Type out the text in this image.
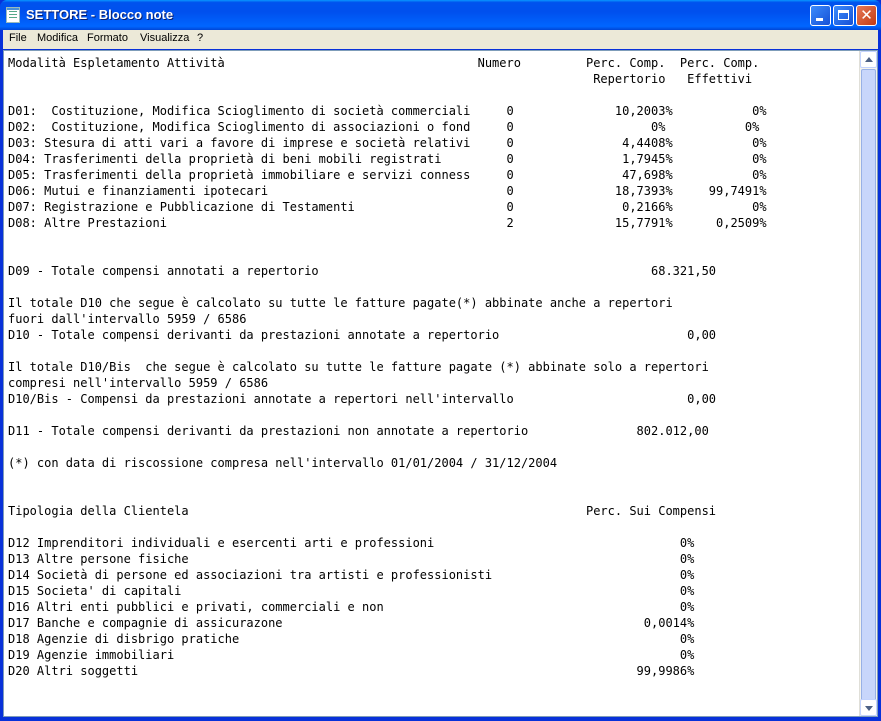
SETTORE - Blocco note	✕
File Modifica Formato Visualizza ?
Modalità Espletamento Attività                                   Numero         Perc. Comp.  Perc. Comp.
Repertorio   Effettivi

D01:  Costituzione, Modifica Scioglimento di società commerciali     0              10,2003%           0%
D02:  Costituzione, Modifica Scioglimento di associazioni o fond     0                   0%           0%
D03: Stesura di atti vari a favore di imprese e società relativi     0               4,4408%           0%
D04: Trasferimenti della proprietà di beni mobili registrati         0               1,7945%           0%
D05: Trasferimenti della proprietà immobiliare e servizi conness     0               47,698%           0%
D06: Mutui e finanziamenti ipotecari                                 0              18,7393%     99,7491%
D07: Registrazione e Pubblicazione di Testamenti                     0               0,2166%           0%
D08: Altre Prestazioni                                               2              15,7791%      0,2509%

D09 - Totale compensi annotati a repertorio                                              68.321,50

Il totale D10 che segue è calcolato su tutte le fatture pagate(*) abbinate anche a repertori
fuori dall'intervallo 5959 / 6586
D10 - Totale compensi derivanti da prestazioni annotate a repertorio                          0,00

Il totale D10/Bis  che segue è calcolato su tutte le fatture pagate (*) abbinate solo a repertori
compresi nell'intervallo 5959 / 6586
D10/Bis - Compensi da prestazioni annotate a repertori nell'intervallo                        0,00

D11 - Totale compensi derivanti da prestazioni non annotate a repertorio               802.012,00

(*) con data di riscossione compresa nell'intervallo 01/01/2004 / 31/12/2004

Tipologia della Clientela                                                       Perc. Sui Compensi

D12 Imprenditori individuali e esercenti arti e professioni                                  0%
D13 Altre persone fisiche                                                                    0%
D14 Società di persone ed associazioni tra artisti e professionisti                          0%
D15 Societa' di capitali                                                                     0%
D16 Altri enti pubblici e privati, commerciali e non                                         0%
D17 Banche e compagnie di assicurazone                                                  0,0014%
D18 Agenzie di disbrigo pratiche                                                             0%
D19 Agenzie immobiliari                                                                      0%
D20 Altri soggetti                                                                     99,9986%
